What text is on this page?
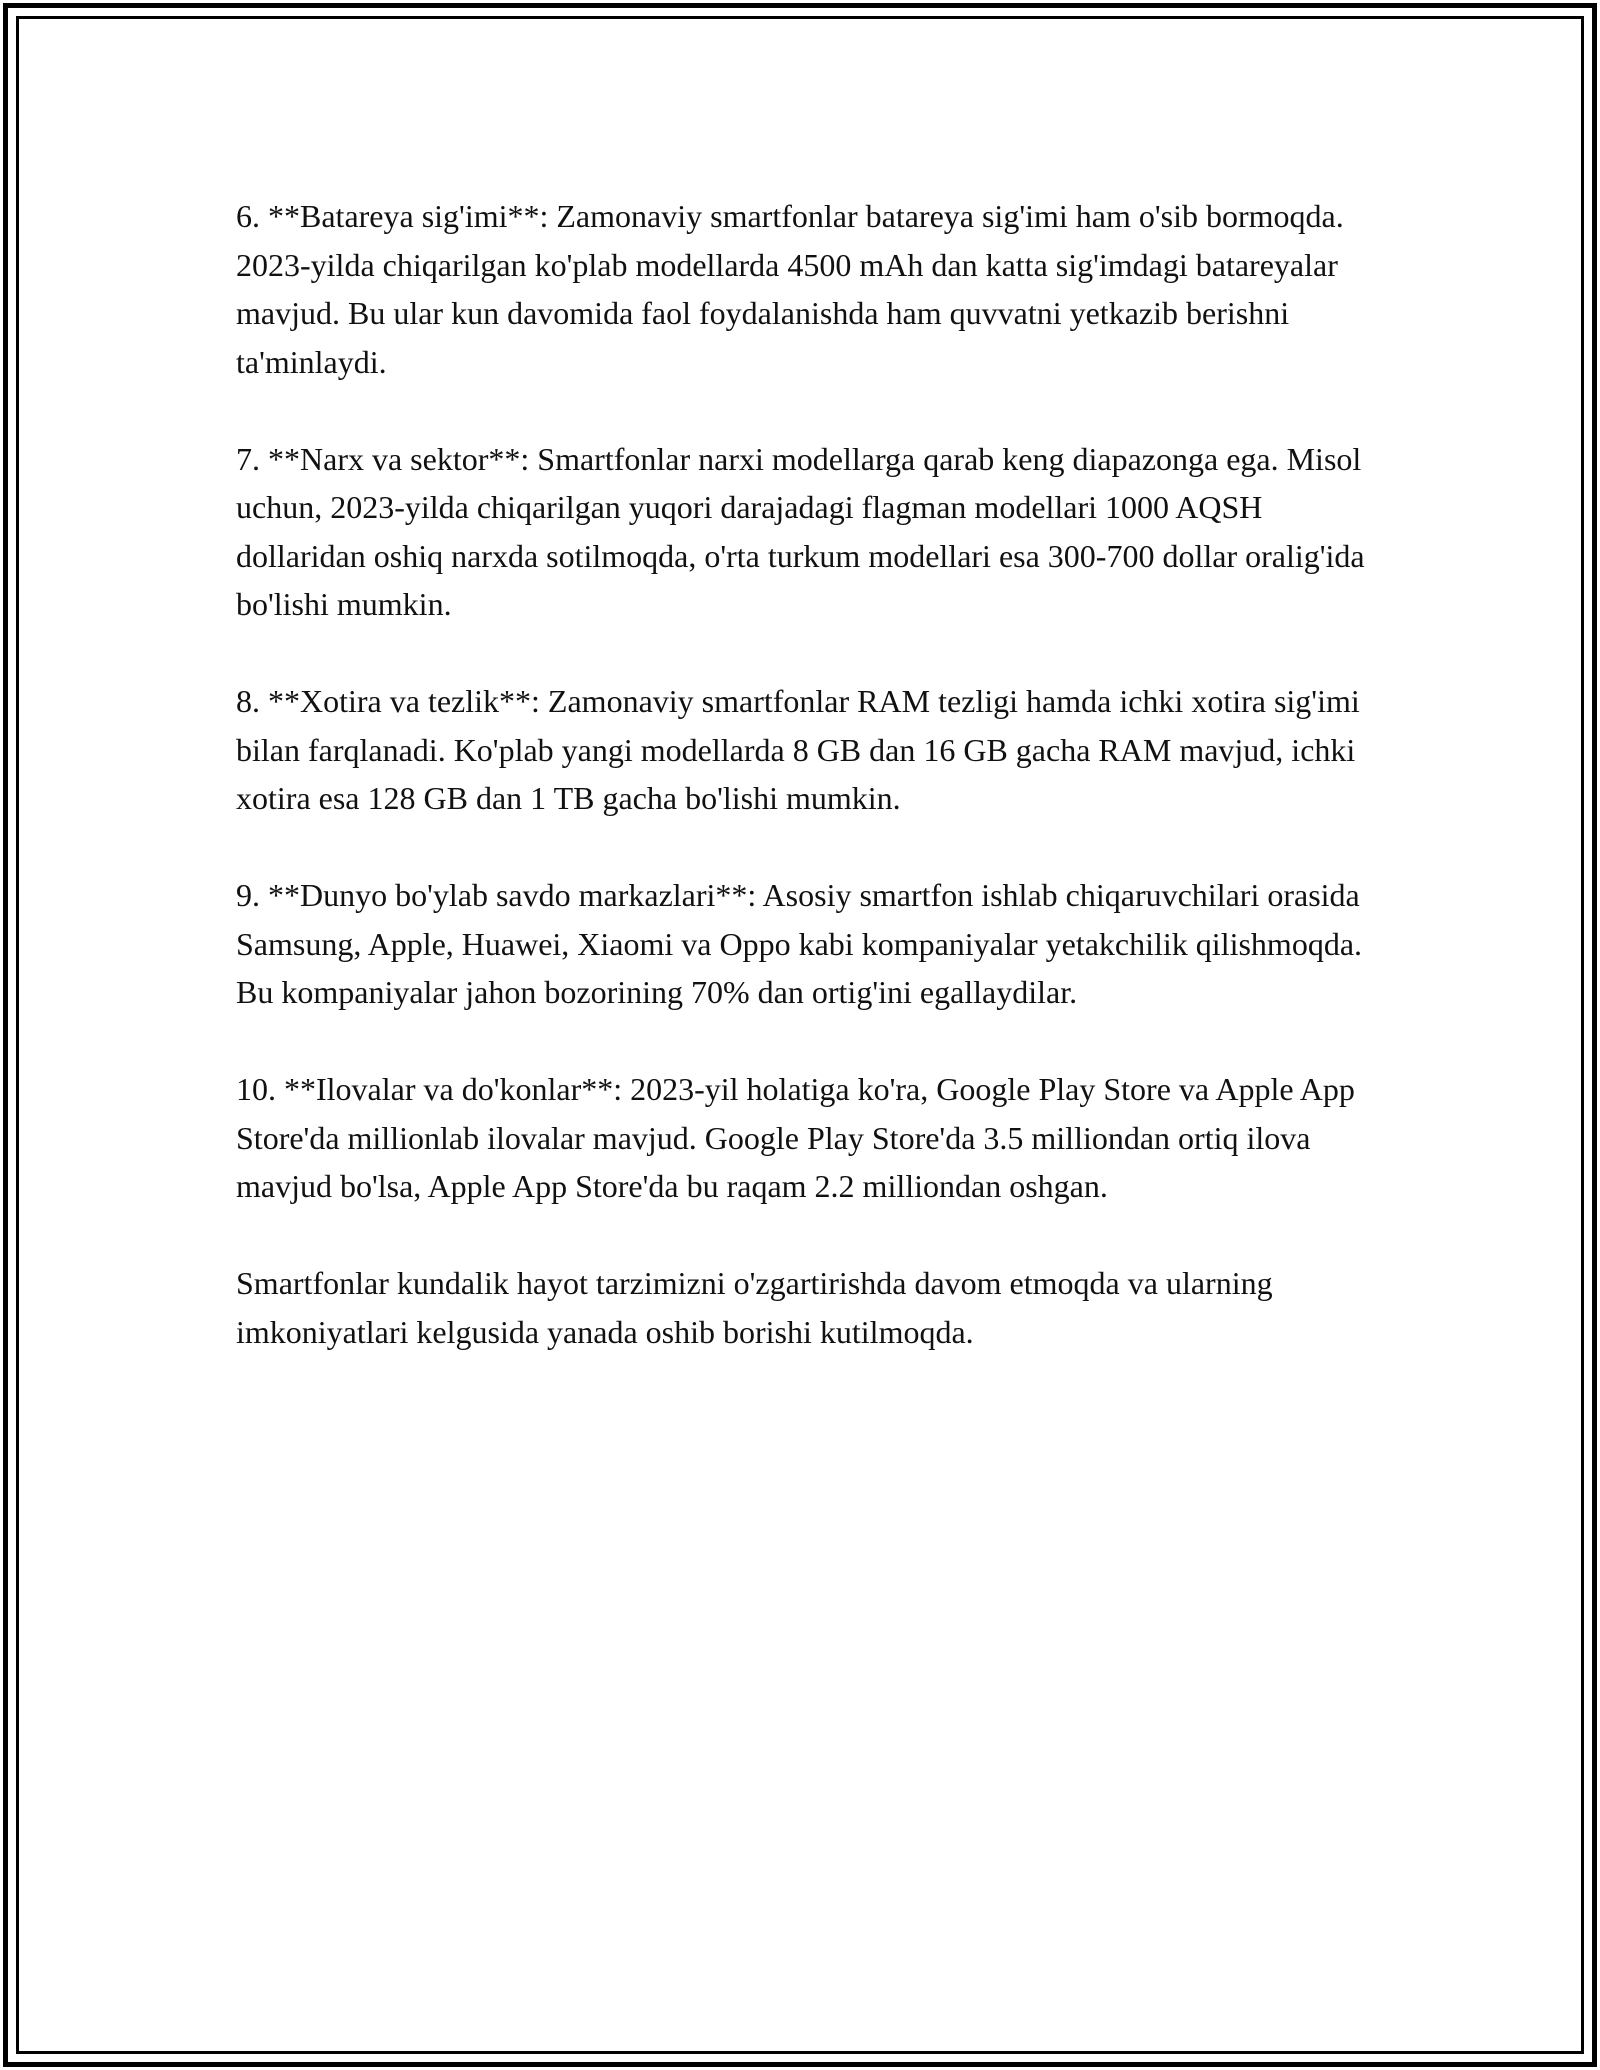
6. **Batareya sig'imi**: Zamonaviy smartfonlar batareya sig'imi ham o'sib bormoqda. 2023-yilda chiqarilgan ko'plab modellarda 4500 mAh dan katta sig'imdagi batareyalar mavjud. Bu ular kun davomida faol foydalanishda ham quvvatni yetkazib berishni ta'minlaydi.

7. **Narx va sektor**: Smartfonlar narxi modellarga qarab keng diapazonga ega. Misol uchun, 2023-yilda chiqarilgan yuqori darajadagi flagman modellari 1000 AQSH dollaridan oshiq narxda sotilmoqda, o'rta turkum modellari esa 300-700 dollar oralig'ida bo'lishi mumkin.

8. **Xotira va tezlik**: Zamonaviy smartfonlar RAM tezligi hamda ichki xotira sig'imi bilan farqlanadi. Ko'plab yangi modellarda 8 GB dan 16 GB gacha RAM mavjud, ichki xotira esa 128 GB dan 1 TB gacha bo'lishi mumkin.

9. **Dunyo bo'ylab savdo markazlari**: Asosiy smartfon ishlab chiqaruvchilari orasida Samsung, Apple, Huawei, Xiaomi va Oppo kabi kompaniyalar yetakchilik qilishmoqda. Bu kompaniyalar jahon bozorining 70% dan ortig'ini egallaydilar.

10. **Ilovalar va do'konlar**: 2023-yil holatiga ko'ra, Google Play Store va Apple App Store'da millionlab ilovalar mavjud. Google Play Store'da 3.5 milliondan ortiq ilova mavjud bo'lsa, Apple App Store'da bu raqam 2.2 milliondan oshgan.

Smartfonlar kundalik hayot tarzimizni o'zgartirishda davom etmoqda va ularning imkoniyatlari kelgusida yanada oshib borishi kutilmoqda.
